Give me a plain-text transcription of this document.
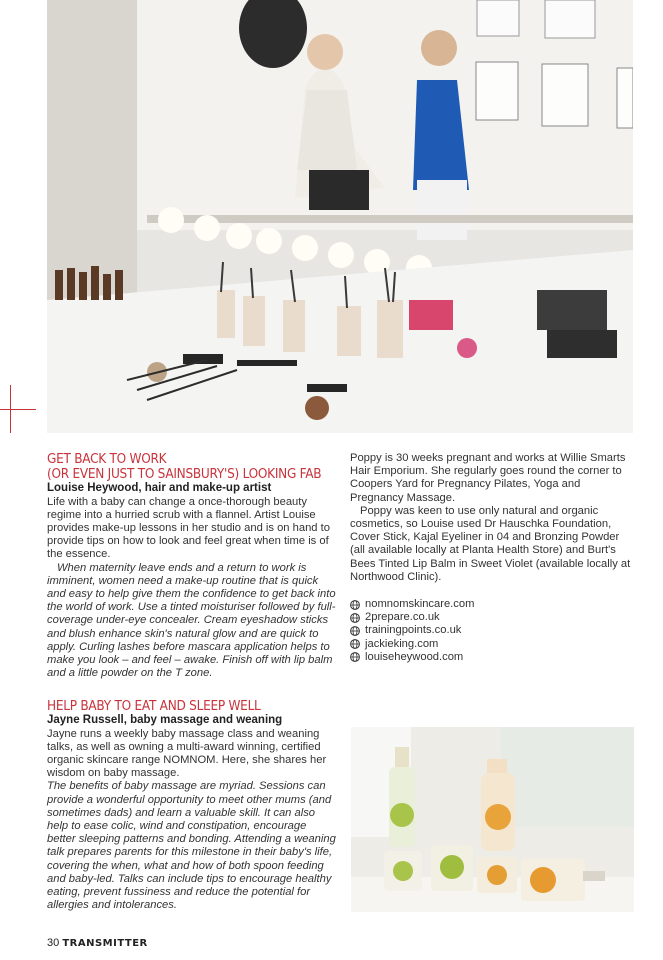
GET BACK TO WORK
(OR EVEN JUST TO SAINSBURY'S) LOOKING FAB

Louise Heywood, hair and make-up artist

Life with a baby can change a once-thorough beauty regime into a hurried scrub with a flannel. Artist Louise provides make-up lessons in her studio and is on hand to provide tips on how to look and feel great when time is of the essence.

When maternity leave ends and a return to work is imminent, women need a make-up routine that is quick and easy to help give them the confidence to get back into the world of work. Use a tinted moisturiser followed by full-coverage under-eye concealer. Cream eyeshadow sticks and blush enhance skin's natural glow and are quick to apply. Curling lashes before mascara application helps to make you look – and feel – awake. Finish off with lip balm and a little powder on the T zone.

Poppy is 30 weeks pregnant and works at Willie Smarts Hair Emporium. She regularly goes round the corner to Coopers Yard for Pregnancy Pilates, Yoga and Pregnancy Massage.

Poppy was keen to use only natural and organic cosmetics, so Louise used Dr Hauschka Foundation, Cover Stick, Kajal Eyeliner in 04 and Bronzing Powder (all available locally at Planta Health Store) and Burt's Bees Tinted Lip Balm in Sweet Violet (available locally at Northwood Clinic).

nomnomskincare.com
2prepare.co.uk
trainingpoints.co.uk
jackieking.com
louiseheywood.com
HELP BABY TO EAT AND SLEEP WELL

Jayne Russell, baby massage and weaning

Jayne runs a weekly baby massage class and weaning talks, as well as owning a multi-award winning, certified organic skincare range NOMNOM. Here, she shares her wisdom on baby massage.

The benefits of baby massage are myriad. Sessions can provide a wonderful opportunity to meet other mums (and sometimes dads) and learn a valuable skill. It can also help to ease colic, wind and constipation, encourage better sleeping patterns and bonding. Attending a weaning talk prepares parents for this milestone in their baby's life, covering the when, what and how of both spoon feeding and baby-led. Talks can include tips to encourage healthy eating, prevent fussiness and reduce the potential for allergies and intolerances.

30 TRANSMITTER
